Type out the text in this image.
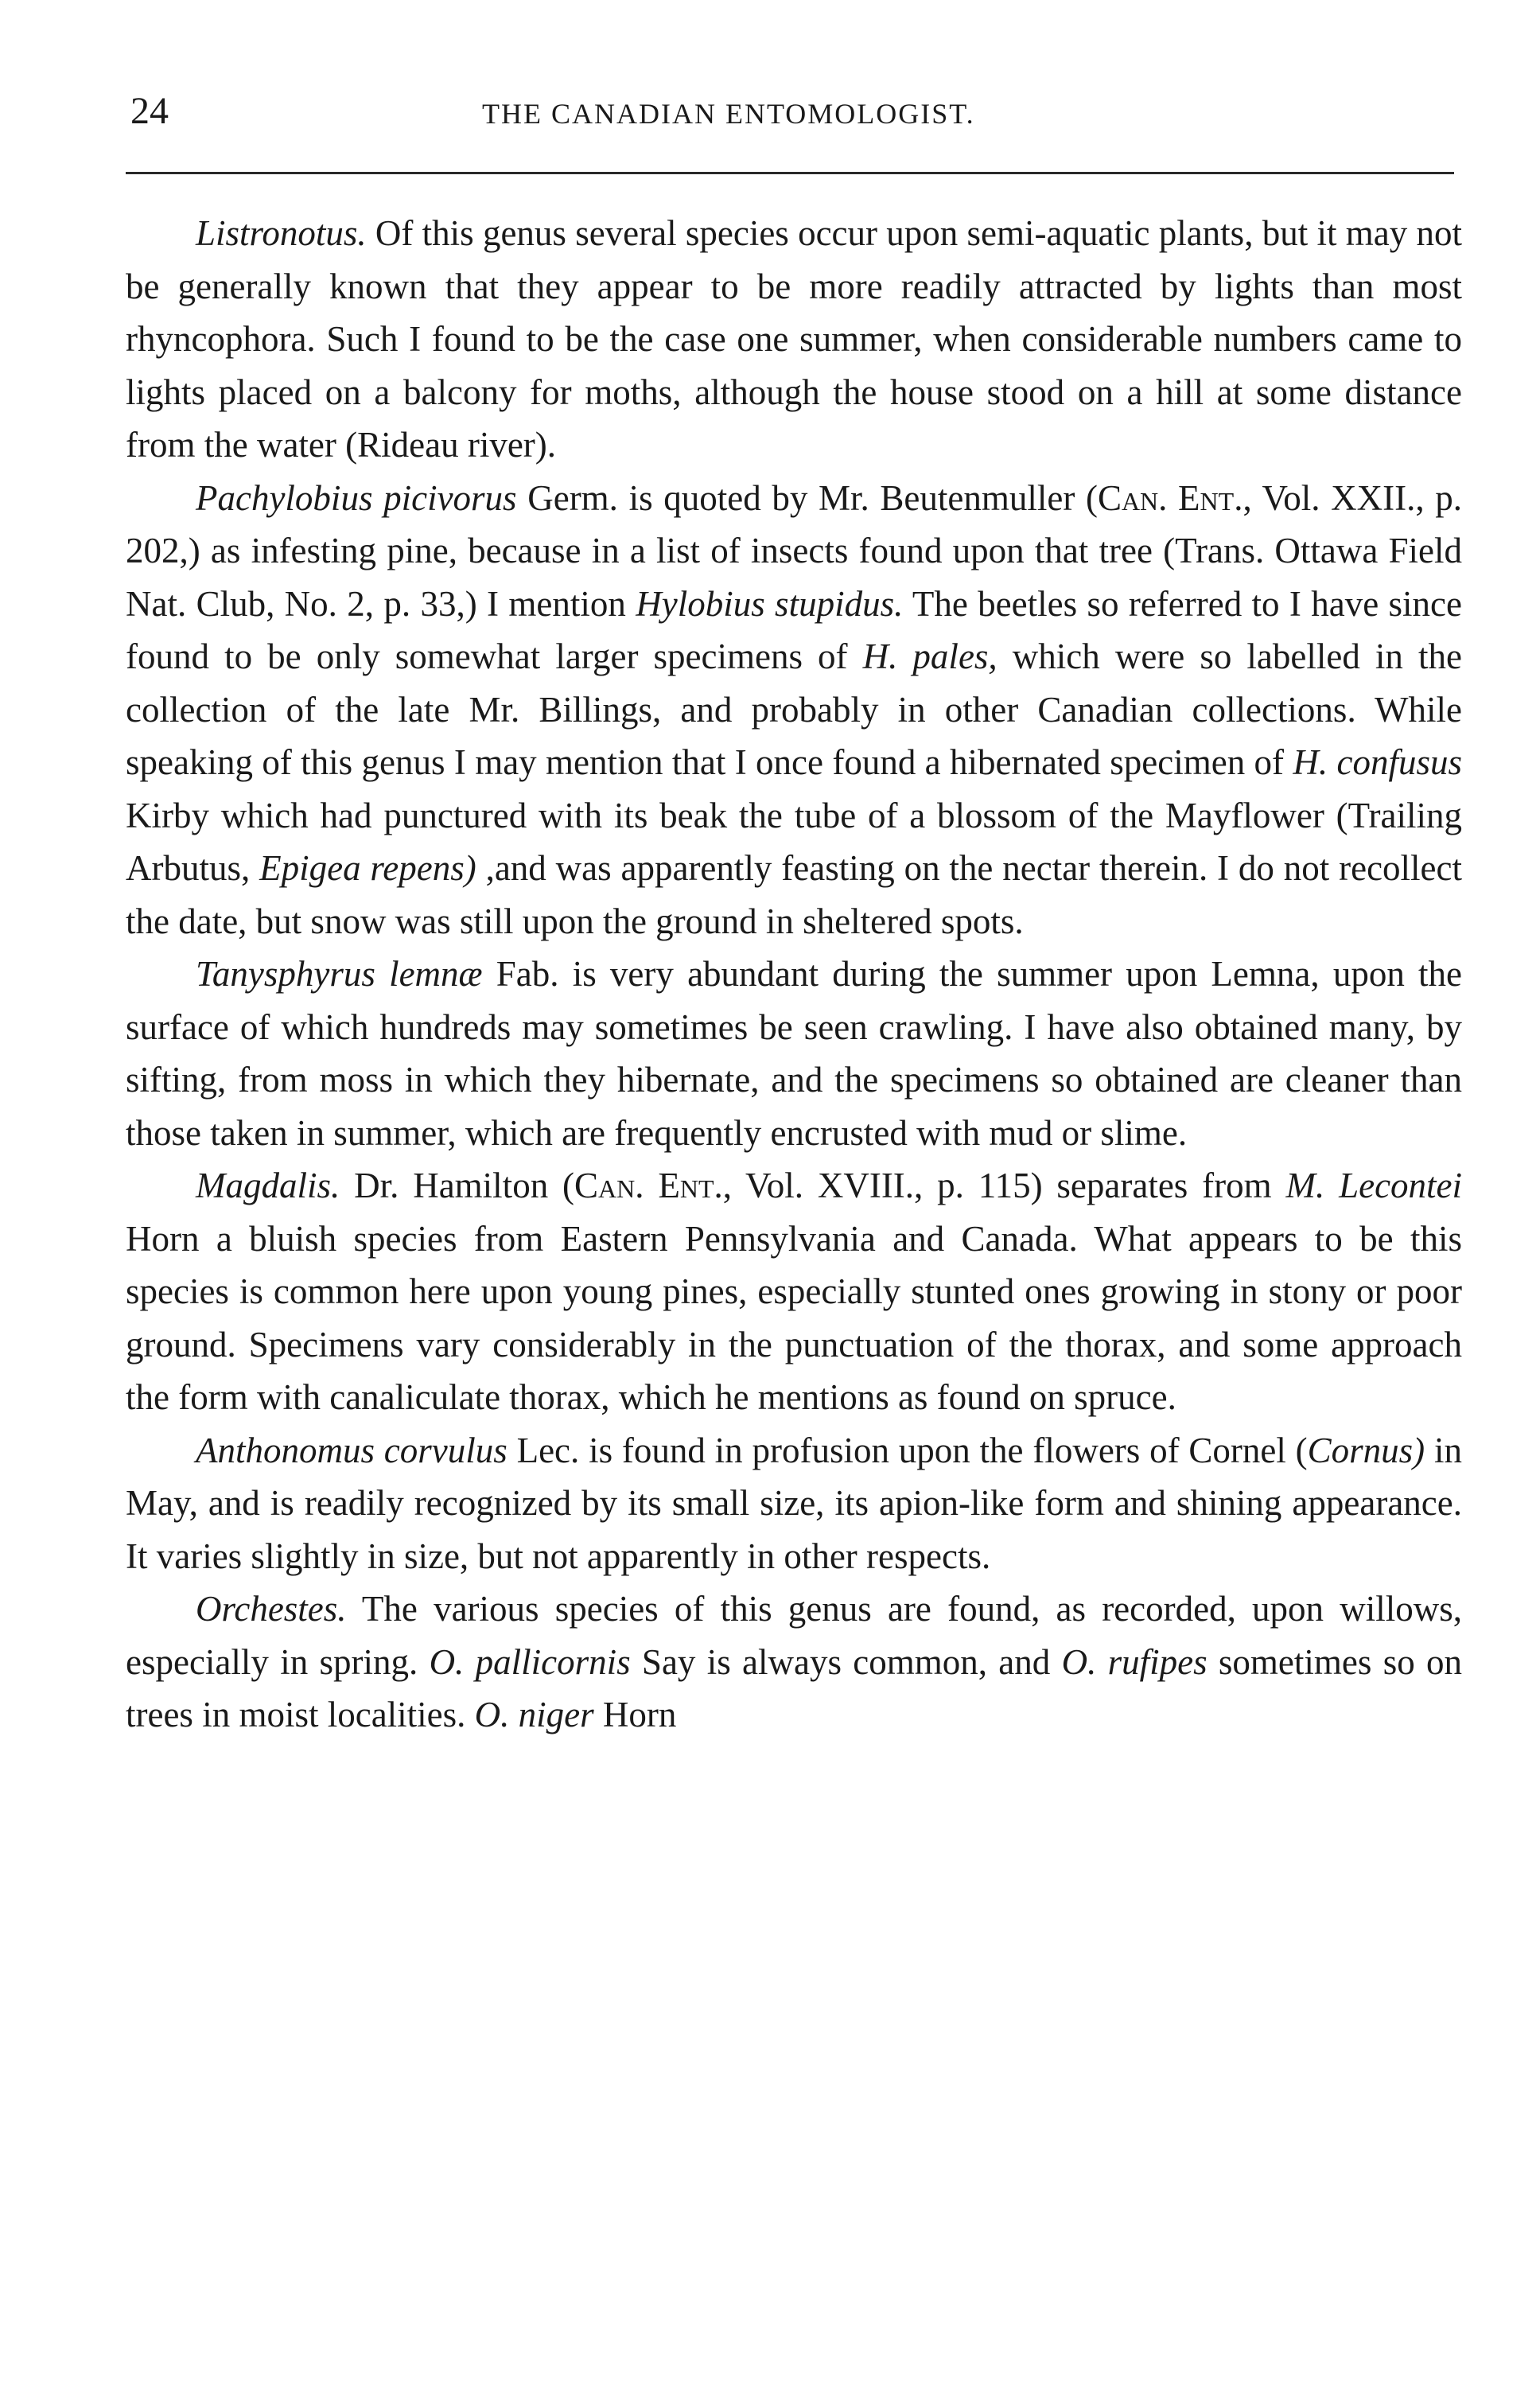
24	THE CANADIAN ENTOMOLOGIST.

Listronotus. Of this genus several species occur upon semi-aquatic plants, but it may not be generally known that they appear to be more readily attracted by lights than most rhyncophora. Such I found to be the case one summer, when considerable numbers came to lights placed on a balcony for moths, although the house stood on a hill at some distance from the water (Rideau river).

Pachylobius picivorus Germ. is quoted by Mr. Beutenmuller (Can. Ent., Vol. XXII., p. 202,) as infesting pine, because in a list of insects found upon that tree (Trans. Ottawa Field Nat. Club, No. 2, p. 33,) I mention Hylobius stupidus. The beetles so referred to I have since found to be only somewhat larger specimens of H. pales, which were so labelled in the collection of the late Mr. Billings, and probably in other Canadian collections. While speaking of this genus I may mention that I once found a hibernated specimen of H. confusus Kirby which had punctured with its beak the tube of a blossom of the Mayflower (Trailing Arbutus, Epigea repens) ,and was apparently feasting on the nectar therein. I do not recollect the date, but snow was still upon the ground in sheltered spots.

Tanysphyrus lemnæ Fab. is very abundant during the summer upon Lemna, upon the surface of which hundreds may sometimes be seen crawling. I have also obtained many, by sifting, from moss in which they hibernate, and the specimens so obtained are cleaner than those taken in summer, which are frequently encrusted with mud or slime.

Magdalis. Dr. Hamilton (Can. Ent., Vol. XVIII., p. 115) separates from M. Lecontei Horn a bluish species from Eastern Pennsylvania and Canada. What appears to be this species is common here upon young pines, especially stunted ones growing in stony or poor ground. Specimens vary considerably in the punctuation of the thorax, and some approach the form with canaliculate thorax, which he mentions as found on spruce.

Anthonomus corvulus Lec. is found in profusion upon the flowers of Cornel (Cornus) in May, and is readily recognized by its small size, its apion-like form and shining appearance. It varies slightly in size, but not apparently in other respects.

Orchestes. The various species of this genus are found, as recorded, upon willows, especially in spring. O. pallicornis Say is always common, and O. rufipes sometimes so on trees in moist localities. O. niger Horn
